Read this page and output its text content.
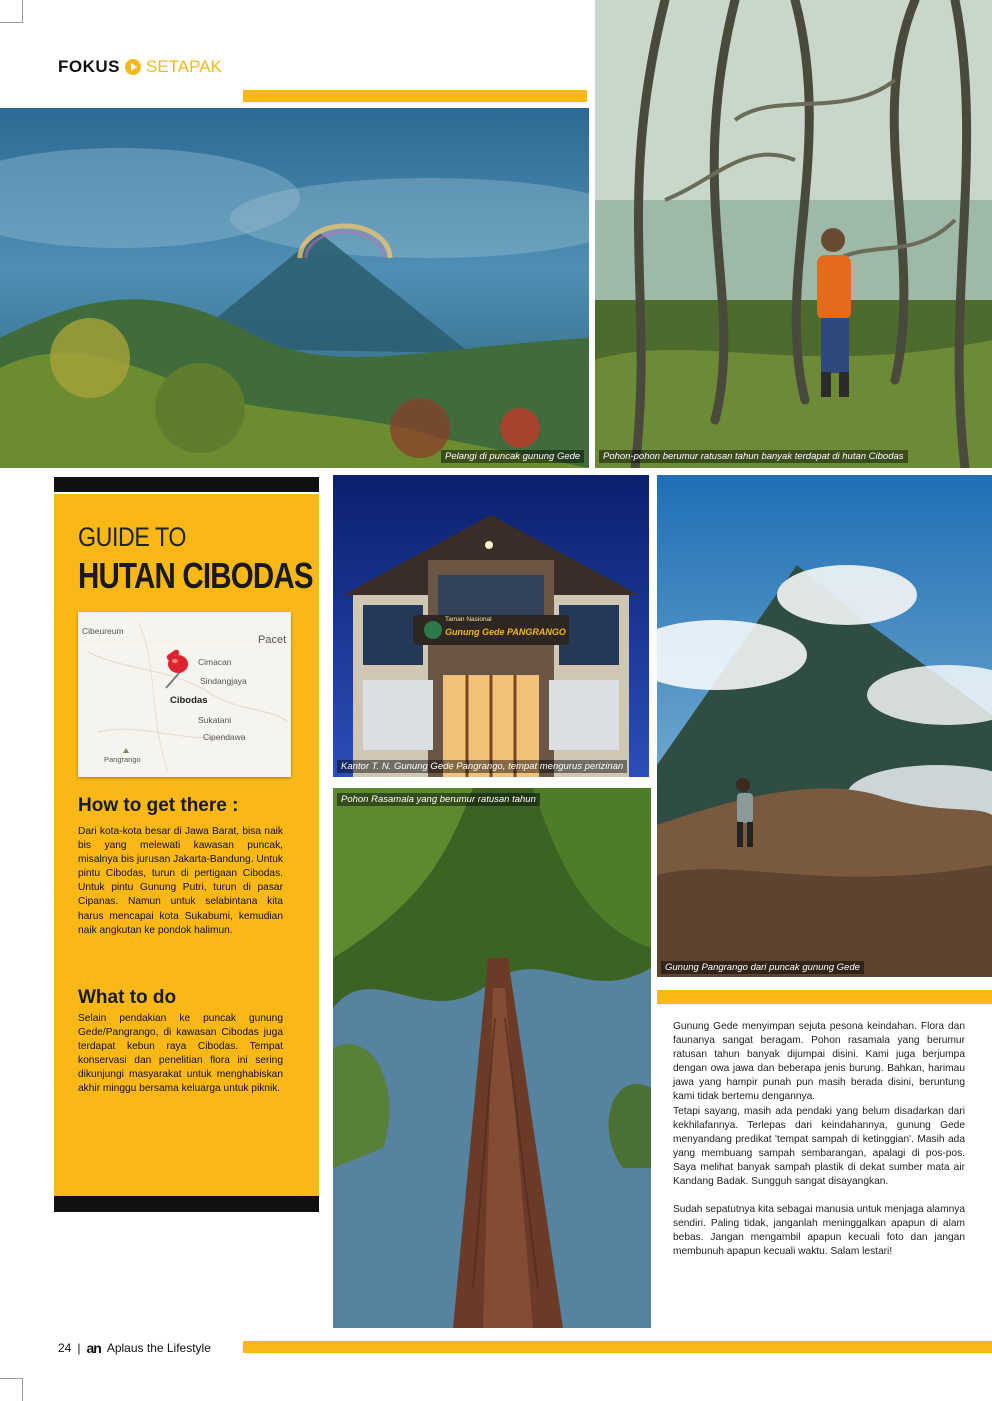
FOKUS SETAPAK
Pelangi di puncak gunung Gede	Pohon-pohon berumur ratusan tahun banyak terdapat di hutan Cibodas
GUIDE TO
HUTAN CIBODAS
Cibeureum
Pacet
Cimacan
Sindangjaya
Cibodas
Sukatani
Cipendawa
Pangrango
How to get there :
Dari kota-kota besar di Jawa Barat, bisa naik bis yang melewati kawasan puncak, misalnya bis jurusan Jakarta-Bandung. Untuk pintu Cibodas, turun di pertigaan Cibodas. Untuk pintu Gunung Putri, turun di pasar Cipanas. Namun untuk selabintana kita harus mencapai kota Sukabumi, kemudian naik angkutan ke pondok halimun.
What to do
Selain pendakian ke puncak gunung Gede/Pangrango, di kawasan Cibodas juga terdapat kebun raya Cibodas. Tempat konservasi dan penelitian flora ini sering dikunjungi masyarakat untuk menghabiskan akhir minggu bersama keluarga untuk piknik.
Taman Nasional
Gunung Gede PANGRANGO
Kantor T. N. Gunung Gede Pangrango, tempat mengurus perizinan
Pohon Rasamala yang berumur ratusan tahun
Gunung Pangrango dari puncak gunung Gede

Gunung Gede menyimpan sejuta pesona keindahan. Flora dan faunanya sangat beragam. Pohon rasamala yang berumur ratusan tahun banyak dijumpai disini. Kami juga berjumpa dengan owa jawa dan beberapa jenis burung. Bahkan, harimau jawa yang hampir punah pun masih berada disini, beruntung kami tidak bertemu dengannya.

Tetapi sayang, masih ada pendaki yang belum disadarkan dari kekhilafannya. Terlepas dari keindahannya, gunung Gede menyandang predikat 'tempat sampah di ketinggian'. Masih ada yang membuang sampah sembarangan, apalagi di pos-pos. Saya melihat banyak sampah plastik di dekat sumber mata air Kandang Badak. Sungguh sangat disayangkan.

Sudah sepatutnya kita sebagai manusia untuk menjaga alamnya sendiri. Paling tidak, janganlah meninggalkan apapun di alam bebas. Jangan mengambil apapun kecuali foto dan jangan membunuh apapun kecuali waktu. Salam lestari!

24 | an Aplaus the Lifestyle
